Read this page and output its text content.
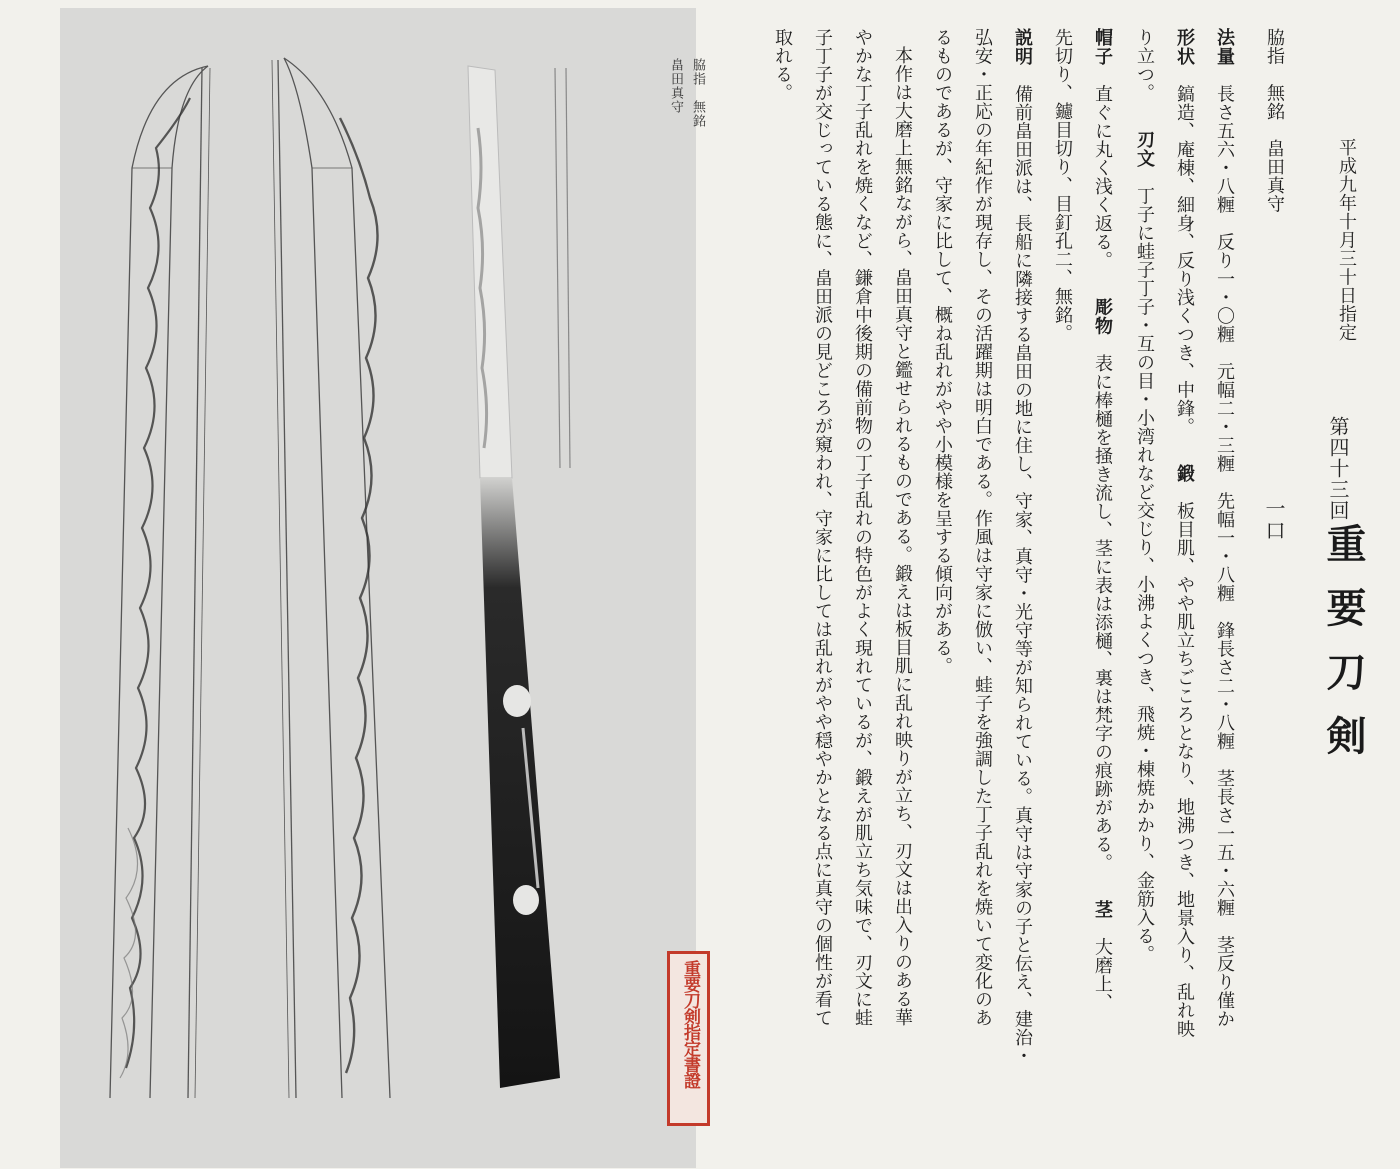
脇指　無銘
畠田真守
重要刀剣指定書證
平成九年十月三十日指定
第四十三回
重要刀剣
一口
脇指　無銘　畠田真守
法量　長さ五六・八糎　反り一・〇糎　元幅二・三糎　先幅一・八糎　鋒長さ二・八糎　茎長さ一五・六糎　茎反り僅か
形状　鎬造、庵棟、細身、反り浅くつき、中鋒。　　鍛　板目肌、やや肌立ちごころとなり、地沸つき、地景入り、乱れ映
り立つ。　　刃文　丁子に蛙子丁子・互の目・小湾れなど交じり、小沸よくつき、飛焼・棟焼かかり、金筋入る。
帽子　直ぐに丸く浅く返る。　　彫物　表に棒樋を掻き流し、茎に表は添樋、裏は梵字の痕跡がある。　　茎　大磨上、
先切り、鑢目切り、目釘孔二、無銘。
説明　備前畠田派は、長船に隣接する畠田の地に住し、守家、真守・光守等が知られている。真守は守家の子と伝え、建治・
弘安・正応の年紀作が現存し、その活躍期は明白である。作風は守家に倣い、蛙子を強調した丁子乱れを焼いて変化のあ
るものであるが、守家に比して、概ね乱れがやや小模様を呈する傾向がある。
本作は大磨上無銘ながら、畠田真守と鑑せられるものである。鍛えは板目肌に乱れ映りが立ち、刃文は出入りのある華
やかな丁子乱れを焼くなど、鎌倉中後期の備前物の丁子乱れの特色がよく現れているが、鍛えが肌立ち気味で、刃文に蛙
子丁子が交じっている態に、畠田派の見どころが窺われ、守家に比しては乱れがやや穏やかとなる点に真守の個性が看て
取れる。
